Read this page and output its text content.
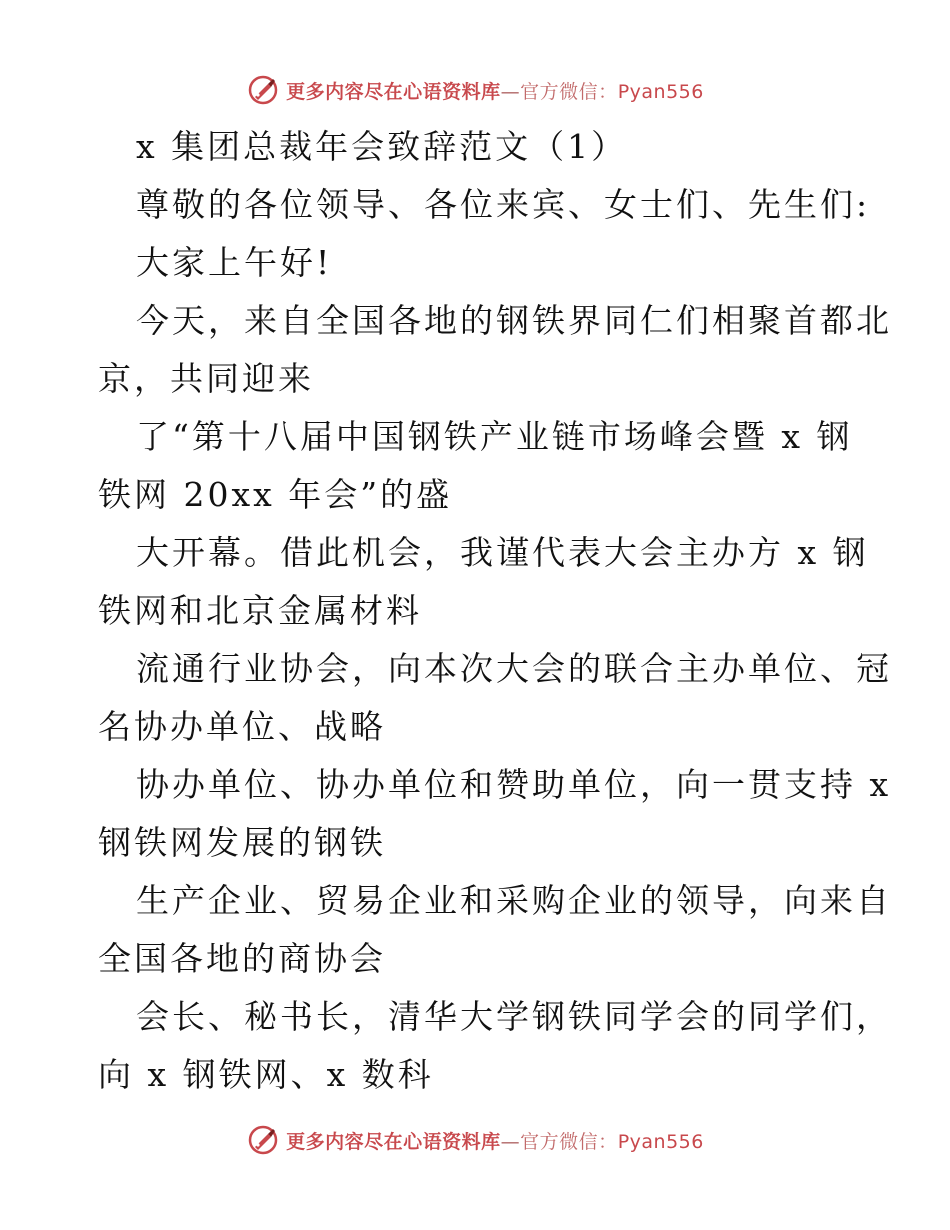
更多内容尽在心语资料库—官方微信：Pyan556
x 集团总裁年会致辞范文（1）
尊敬的各位领导、各位来宾、女士们、先生们:
大家上午好!
今天，来自全国各地的钢铁界同仁们相聚首都北
京，共同迎来
了“第十八届中国钢铁产业链市场峰会暨 x 钢
铁网 20xx 年会”的盛
大开幕。借此机会，我谨代表大会主办方 x 钢
铁网和北京金属材料
流通行业协会，向本次大会的联合主办单位、冠
名协办单位、战略
协办单位、协办单位和赞助单位，向一贯支持 x
钢铁网发展的钢铁
生产企业、贸易企业和采购企业的领导，向来自
全国各地的商协会
会长、秘书长，清华大学钢铁同学会的同学们，
向 x 钢铁网、x 数科
更多内容尽在心语资料库—官方微信：Pyan556
